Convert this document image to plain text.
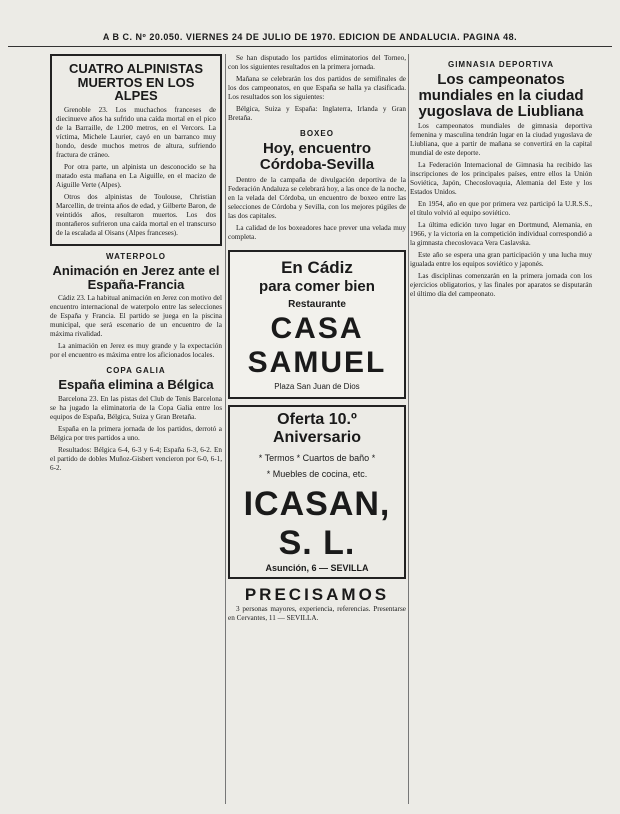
A B C. Nº 20.050. VIERNES 24 DE JULIO DE 1970. EDICION DE ANDALUCIA. PAGINA 48.
CUATRO ALPINISTAS MUERTOS EN LOS ALPES

Grenoble 23. Los muchachos franceses de diecinueve años ha sufrido una caída mortal en el pico de la Barraille, de 1.200 metros, en el Vercors. La víctima, Michele Laurier, cayó en un barranco muy hondo, desde muchos metros de altura, sufriendo fractura de cráneo.

Por otra parte, un alpinista un desconocido se ha matado esta mañana en La Aiguille, en el macizo de Aiguille Verte (Alpes).

Otros dos alpinistas de Toulouse, Christian Marcellin, de treinta años de edad, y Gilberte Baron, de veintidós años, resultaron muertos. Los dos montañeros sufrieron una caída mortal en el transcurso de la escalada al Oisans (Alpes franceses).

WATERPOLO
Animación en Jerez ante el España-Francia

Cádiz 23. La habitual animación en Jerez con motivo del encuentro internacional de waterpolo entre las selecciones de España y Francia. El partido se juega en la piscina municipal, que será escenario de un encuentro de la máxima rivalidad.

La animación en Jerez es muy grande y la expectación por el encuentro es máxima entre los aficionados locales.

COPA GALIA
España elimina a Bélgica

Barcelona 23. En las pistas del Club de Tenis Barcelona se ha jugado la eliminatoria de la Copa Galia entre los equipos de España, Bélgica, Suiza y Gran Bretaña.

España en la primera jornada de los partidos, derrotó a Bélgica por tres partidos a uno.

Resultados: Bélgica 6-4, 6-3 y 6-4; España 6-3, 6-2. En el partido de dobles Muñoz-Gisbert vencieron por 6-0, 6-1, 6-2.

Se han disputado los partidos eliminatorios del Torneo, con los siguientes resultados en la primera jornada.

Mañana se celebrarán los dos partidos de semifinales de los dos campeonatos, en que España se halla ya clasificada. Los resultados son los siguientes:

Bélgica, Suiza y España: Inglaterra, Irlanda y Gran Bretaña.

BOXEO
Hoy, encuentro Córdoba-Sevilla

Dentro de la campaña de divulgación deportiva de la Federación Andaluza se celebrará hoy, a las once de la noche, en la velada del Córdoba, un encuentro de boxeo entre las selecciones de Córdoba y Sevilla, con los mejores púgiles de las dos capitales.

La calidad de los boxeadores hace prever una velada muy completa.

En Cádiz
para comer bien
Restaurante
CASA SAMUEL
Plaza San Juan de Dios
Oferta 10.º Aniversario
* Termos * Cuartos de baño *
* Muebles de cocina, etc.
ICASAN, S. L.
Asunción, 6 — SEVILLA
PRECISAMOS

3 personas mayores, experiencia, referencias. Presentarse en Cervantes, 11 — SEVILLA.

GIMNASIA DEPORTIVA
Los campeonatos mundiales en la ciudad yugoslava de Liubliana

Los campeonatos mundiales de gimnasia deportiva femenina y masculina tendrán lugar en la ciudad yugoslava de Liubliana, que a partir de mañana se convertirá en la capital mundial de este deporte.

La Federación Internacional de Gimnasia ha recibido las inscripciones de los principales países, entre ellos la Unión Soviética, Japón, Checoslovaquia, Alemania del Este y los Estados Unidos.

En 1954, año en que por primera vez participó la U.R.S.S., el título volvió al equipo soviético.

La última edición tuvo lugar en Dortmund, Alemania, en 1966, y la victoria en la competición individual correspondió a la gimnasta checoslovaca Vera Caslavska.

Este año se espera una gran participación y una lucha muy igualada entre los equipos soviético y japonés.

Las disciplinas comenzarán en la primera jornada con los ejercicios obligatorios, y las finales por aparatos se disputarán el último día del campeonato.
